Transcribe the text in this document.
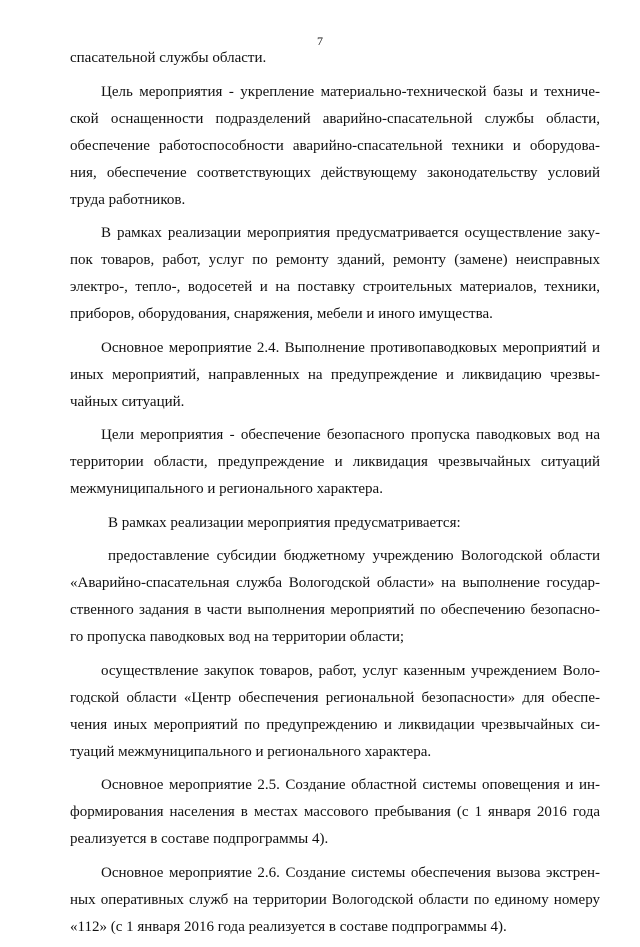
7
спасательной службы области.
Цель мероприятия - укрепление материально-технической базы и техниче-
ской оснащенности подразделений аварийно-спасательной службы области,
обеспечение работоспособности аварийно-спасательной техники и оборудова-
ния, обеспечение соответствующих действующему законодательству условий
труда работников.
В рамках реализации мероприятия предусматривается осуществление заку-
пок товаров, работ, услуг по ремонту зданий, ремонту (замене) неисправных
электро-, тепло-, водосетей и на поставку строительных материалов, техники,
приборов, оборудования, снаряжения, мебели и иного имущества.
Основное мероприятие 2.4. Выполнение противопаводковых мероприятий и
иных мероприятий, направленных на предупреждение и ликвидацию чрезвы-
чайных ситуаций.
Цели мероприятия - обеспечение безопасного пропуска паводковых вод на
территории области, предупреждение и ликвидация чрезвычайных ситуаций
межмуниципального и регионального характера.
В рамках реализации мероприятия предусматривается:
предоставление субсидии бюджетному учреждению Вологодской области
«Аварийно-спасательная служба Вологодской области» на выполнение государ-
ственного задания в части выполнения мероприятий по обеспечению безопасно-
го пропуска паводковых вод на территории области;
осуществление закупок товаров, работ, услуг казенным учреждением Воло-
годской области «Центр обеспечения региональной безопасности» для обеспе-
чения иных мероприятий по предупреждению и ликвидации чрезвычайных си-
туаций межмуниципального и регионального характера.
Основное мероприятие 2.5. Создание областной системы оповещения и ин-
формирования населения в местах массового пребывания (с 1 января 2016 года
реализуется в составе подпрограммы 4).
Основное мероприятие 2.6. Создание системы обеспечения вызова экстрен-
ных оперативных служб на территории Вологодской области по единому номеру
«112» (с 1 января 2016 года реализуется в составе подпрограммы 4).
